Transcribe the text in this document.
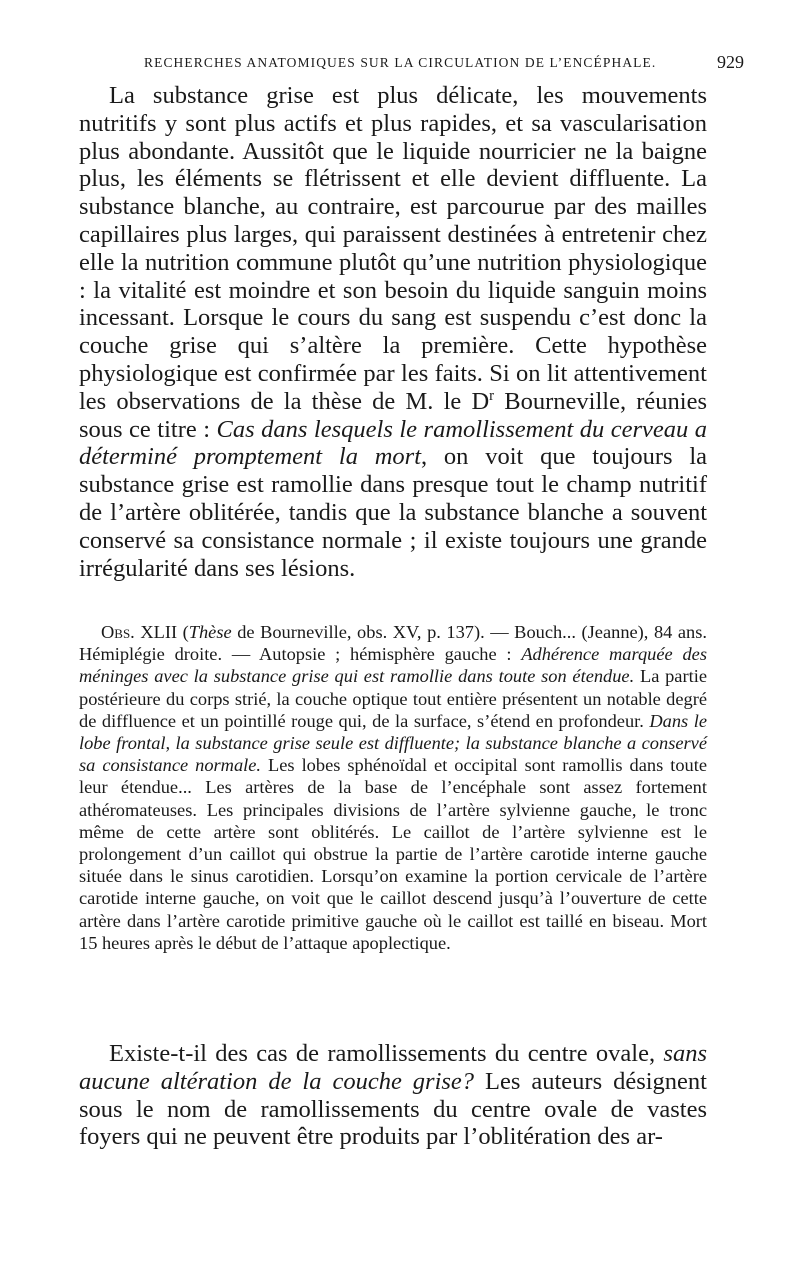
RECHERCHES ANATOMIQUES SUR LA CIRCULATION DE L’ENCÉPHALE.	929

La substance grise est plus délicate, les mouvements nutritifs y sont plus actifs et plus rapides, et sa vascularisation plus abondante. Aussitôt que le liquide nourricier ne la baigne plus, les éléments se flétrissent et elle devient diffluente. La substance blanche, au contraire, est parcourue par des mailles capillaires plus larges, qui paraissent destinées à entretenir chez elle la nutrition commune plutôt qu’une nutrition physiologique : la vitalité est moindre et son besoin du liquide sanguin moins incessant. Lorsque le cours du sang est suspendu c’est donc la couche grise qui s’altère la première. Cette hypothèse physiologique est confirmée par les faits. Si on lit attentivement les observations de la thèse de M. le $D^r$ Bourneville, réunies sous ce titre : Cas dans lesquels le ramollissement du cerveau a déterminé promptement la mort, on voit que toujours la substance grise est ramollie dans presque tout le champ nutritif de l’artère oblitérée, tandis que la substance blanche a souvent conservé sa consistance normale ; il existe toujours une grande irrégularité dans ses lésions.

Obs. XLII (Thèse de Bourneville, obs. XV, p. 137). — Bouch... (Jeanne), 84 ans. Hémiplégie droite. — Autopsie ; hémisphère gauche : Adhérence marquée des méninges avec la substance grise qui est ramollie dans toute son étendue. La partie postérieure du corps strié, la couche optique tout entière présentent un notable degré de diffluence et un pointillé rouge qui, de la surface, s’étend en profondeur. Dans le lobe frontal, la substance grise seule est diffluente; la substance blanche a conservé sa consistance normale. Les lobes sphénoïdal et occipital sont ramollis dans toute leur étendue... Les artères de la base de l’encéphale sont assez fortement athéromateuses. Les principales divisions de l’artère sylvienne gauche, le tronc même de cette artère sont oblitérés. Le caillot de l’artère sylvienne est le prolongement d’un caillot qui obstrue la partie de l’artère carotide interne gauche située dans le sinus carotidien. Lorsqu’on examine la portion cervicale de l’artère carotide interne gauche, on voit que le caillot descend jusqu’à l’ouverture de cette artère dans l’artère carotide primitive gauche où le caillot est taillé en biseau. Mort 15 heures après le début de l’attaque apoplectique.

Existe-t-il des cas de ramollissements du centre ovale, sans aucune altération de la couche grise? Les auteurs désignent sous le nom de ramollissements du centre ovale de vastes foyers qui ne peuvent être produits par l’oblitération des ar-
